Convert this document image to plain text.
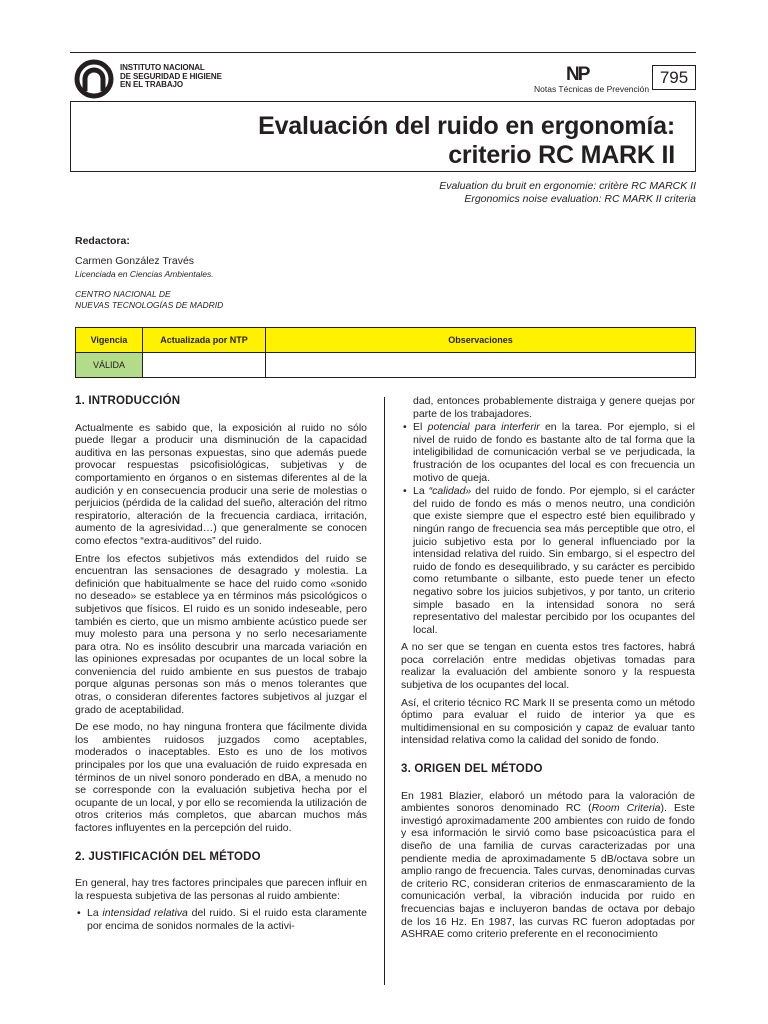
INSTITUTO NACIONAL
DE SEGURIDAD E HIGIENE
EN EL TRABAJO	NP
Notas Técnicas de Prevención
795
Evaluación del ruido en ergonomía:
criterio RC MARK II
Evaluation du bruit en ergonomie: critère RC MARCK II
Ergonomics noise evaluation: RC MARK II criteria
Redactora:
Carmen González Través
Licenciada en Ciencias Ambientales.
CENTRO NACIONAL DE
NUEVAS TECNOLOGÍAS DE MADRID
Vigencia	Actualizada por NTP	Observaciones
VÁLIDA		
1. INTRODUCCIÓN

Actualmente es sabido que, la exposición al ruido no sólo puede llegar a producir una disminución de la capacidad auditiva en las personas expuestas, sino que además puede provocar respuestas psicofisiológicas, subjetivas y de comportamiento en órganos o en sistemas diferentes al de la audición y en consecuencia producir una serie de molestias o perjuicios (pérdida de la calidad del sueño, alteración del ritmo respiratorio, alteración de la frecuencia cardiaca, irritación, aumento de la agresividad…) que generalmente se conocen como efectos “extra-auditivos” del ruido.

Entre los efectos subjetivos más extendidos del ruido se encuentran las sensaciones de desagrado y molestia. La definición que habitualmente se hace del ruido como «sonido no deseado» se establece ya en términos más psicológicos o subjetivos que físicos. El ruido es un sonido indeseable, pero también es cierto, que un mismo ambiente acústico puede ser muy molesto para una persona y no serlo necesariamente para otra. No es insólito descubrir una marcada variación en las opiniones expresadas por ocupantes de un local sobre la conveniencia del ruido ambiente en sus puestos de trabajo porque algunas personas son más o menos tolerantes que otras, o consideran diferentes factores subjetivos al juzgar el grado de aceptabilidad.

De ese modo, no hay ninguna frontera que fácilmente divida los ambientes ruidosos juzgados como aceptables, moderados o inaceptables. Esto es uno de los motivos principales por los que una evaluación de ruido expresada en términos de un nivel sonoro ponderado en dBA, a menudo no se corresponde con la evaluación subjetiva hecha por el ocupante de un local, y por ello se recomienda la utilización de otros criterios más completos, que abarcan muchos más factores influyentes en la percepción del ruido.

2. JUSTIFICACIÓN DEL MÉTODO

En general, hay tres factores principales que parecen influir en la respuesta subjetiva de las personas al ruido ambiente:

• La intensidad relativa del ruido. Si el ruido esta claramente por encima de sonidos normales de la activi-
dad, entonces probablemente distraiga y genere quejas por parte de los trabajadores.
• El potencial para interferir en la tarea. Por ejemplo, si el nivel de ruido de fondo es bastante alto de tal forma que la inteligibilidad de comunicación verbal se ve perjudicada, la frustración de los ocupantes del local es con frecuencia un motivo de queja.
• La “calidad» del ruido de fondo. Por ejemplo, si el carácter del ruido de fondo es más o menos neutro, una condición que existe siempre que el espectro esté bien equilibrado y ningún rango de frecuencia sea más perceptible que otro, el juicio subjetivo esta por lo general influenciado por la intensidad relativa del ruido. Sin embargo, si el espectro del ruido de fondo es desequilibrado, y su carácter es percibido como retumbante o silbante, esto puede tener un efecto negativo sobre los juicios subjetivos, y por tanto, un criterio simple basado en la intensidad sonora no será representativo del malestar percibido por los ocupantes del local.

A no ser que se tengan en cuenta estos tres factores, habrá poca correlación entre medidas objetivas tomadas para realizar la evaluación del ambiente sonoro y la respuesta subjetiva de los ocupantes del local.

Así, el criterio técnico RC Mark II se presenta como un método óptimo para evaluar el ruido de interior ya que es multidimensional en su composición y capaz de evaluar tanto intensidad relativa como la calidad del sonido de fondo.

3. ORIGEN DEL MÉTODO

En 1981 Blazier, elaboró un método para la valoración de ambientes sonoros denominado RC (Room Criteria). Este investigó aproximadamente 200 ambientes con ruido de fondo y esa información le sirvió como base psicoacústica para el diseño de una familia de curvas caracterizadas por una pendiente media de aproximadamente 5 dB/octava sobre un amplio rango de frecuencia. Tales curvas, denominadas curvas de criterio RC, consideran criterios de enmascaramiento de la comunicación verbal, la vibración inducida por ruido en frecuencias bajas e incluyeron bandas de octava por debajo de los 16 Hz. En 1987, las curvas RC fueron adoptadas por ASHRAE como criterio preferente en el reconocimiento
